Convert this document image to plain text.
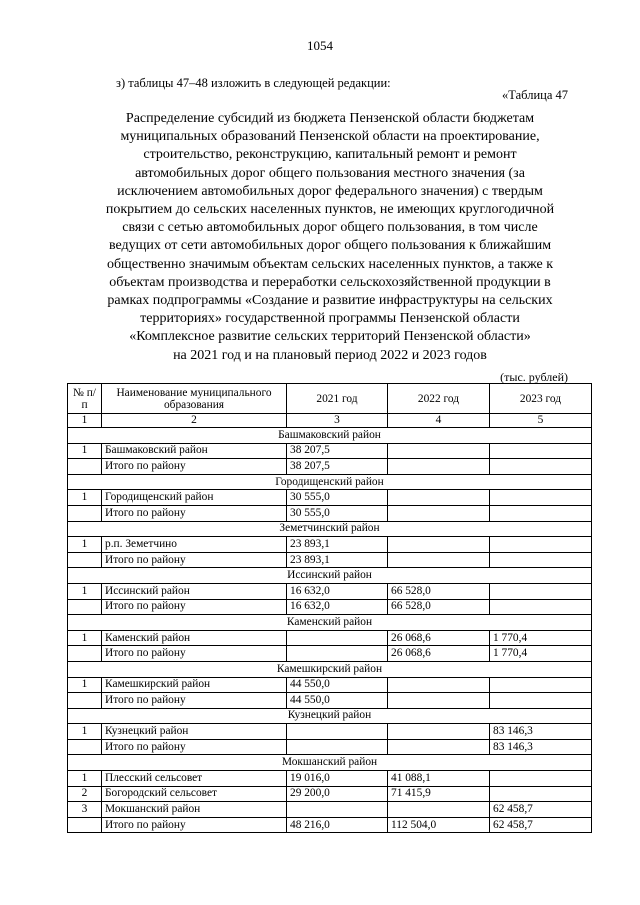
1054
з) таблицы 47–48 изложить в следующей редакции:
«Таблица 47
Распределение субсидий из бюджета Пензенской области бюджетам
муниципальных образований Пензенской области на проектирование,
строительство, реконструкцию, капитальный ремонт и ремонт
автомобильных дорог общего пользования местного значения (за
исключением автомобильных дорог федерального значения) с твердым
покрытием до сельских населенных пунктов, не имеющих круглогодичной
связи с сетью автомобильных дорог общего пользования, в том числе
ведущих от сети автомобильных дорог общего пользования к ближайшим
общественно значимым объектам сельских населенных пунктов, а также к
объектам производства и переработки сельскохозяйственной продукции в
рамках подпрограммы «Создание и развитие инфраструктуры на сельских
территориях» государственной программы Пензенской области
«Комплексное развитие сельских территорий Пензенской области»
на 2021 год и на плановый период 2022 и 2023 годов
(тыс. рублей)
№ п/п	Наименование муниципального образования	2021 год	2022 год	2023 год
1	2	3	4	5
Башмаковский район				
1	Башмаковский район	38 207,5		
	Итого по району	38 207,5		
Городищенский район				
1	Городищенский район	30 555,0		
	Итого по району	30 555,0		
Земетчинский район				
1	р.п. Земетчино	23 893,1		
	Итого по району	23 893,1		
Иссинский район				
1	Иссинский район	16 632,0	66 528,0	
	Итого по району	16 632,0	66 528,0	
Каменский район				
1	Каменский район		26 068,6	1 770,4
	Итого по району		26 068,6	1 770,4
Камешкирский район				
1	Камешкирский район	44 550,0		
	Итого по району	44 550,0		
Кузнецкий район				
1	Кузнецкий район			83 146,3
	Итого по району			83 146,3
Мокшанский район				
1	Плесский сельсовет	19 016,0	41 088,1	
2	Богородский сельсовет	29 200,0	71 415,9	
3	Мокшанский район			62 458,7
	Итого по району	48 216,0	112 504,0	62 458,7
